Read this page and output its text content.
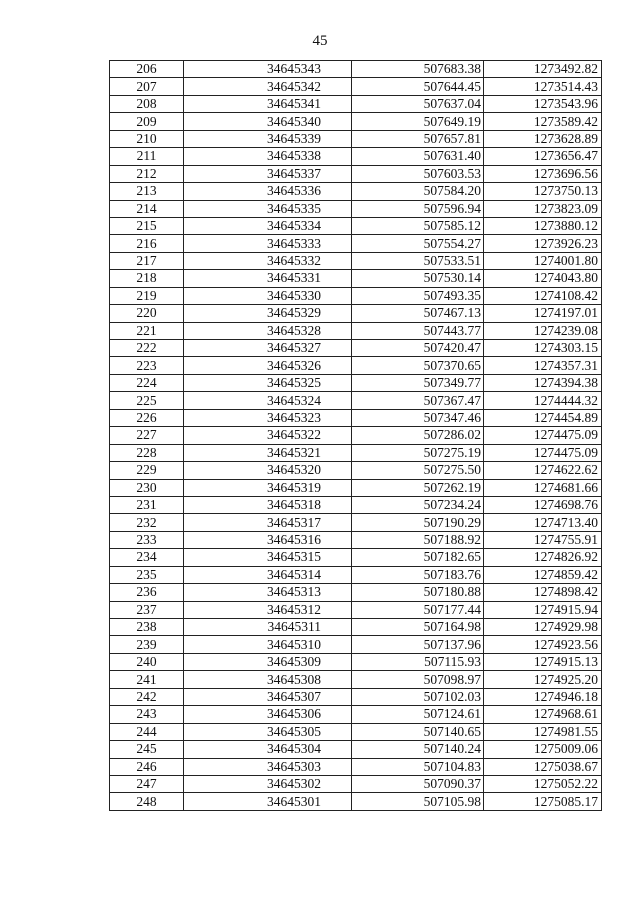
45
206	34645343	507683.38	1273492.82
207	34645342	507644.45	1273514.43
208	34645341	507637.04	1273543.96
209	34645340	507649.19	1273589.42
210	34645339	507657.81	1273628.89
211	34645338	507631.40	1273656.47
212	34645337	507603.53	1273696.56
213	34645336	507584.20	1273750.13
214	34645335	507596.94	1273823.09
215	34645334	507585.12	1273880.12
216	34645333	507554.27	1273926.23
217	34645332	507533.51	1274001.80
218	34645331	507530.14	1274043.80
219	34645330	507493.35	1274108.42
220	34645329	507467.13	1274197.01
221	34645328	507443.77	1274239.08
222	34645327	507420.47	1274303.15
223	34645326	507370.65	1274357.31
224	34645325	507349.77	1274394.38
225	34645324	507367.47	1274444.32
226	34645323	507347.46	1274454.89
227	34645322	507286.02	1274475.09
228	34645321	507275.19	1274475.09
229	34645320	507275.50	1274622.62
230	34645319	507262.19	1274681.66
231	34645318	507234.24	1274698.76
232	34645317	507190.29	1274713.40
233	34645316	507188.92	1274755.91
234	34645315	507182.65	1274826.92
235	34645314	507183.76	1274859.42
236	34645313	507180.88	1274898.42
237	34645312	507177.44	1274915.94
238	34645311	507164.98	1274929.98
239	34645310	507137.96	1274923.56
240	34645309	507115.93	1274915.13
241	34645308	507098.97	1274925.20
242	34645307	507102.03	1274946.18
243	34645306	507124.61	1274968.61
244	34645305	507140.65	1274981.55
245	34645304	507140.24	1275009.06
246	34645303	507104.83	1275038.67
247	34645302	507090.37	1275052.22
248	34645301	507105.98	1275085.17
